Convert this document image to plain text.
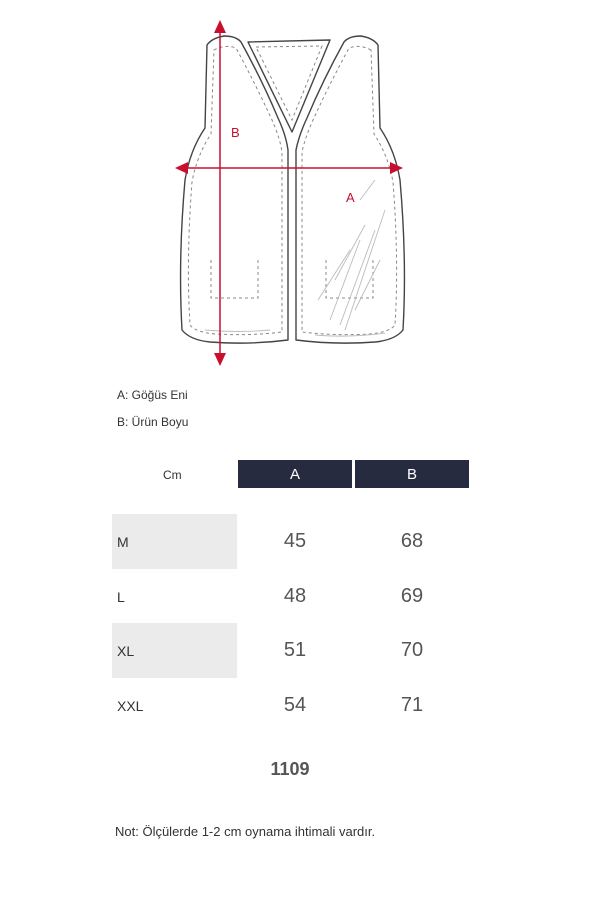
B
A
A: Göğüs Eni
B: Ürün Boyu
Cm	A	B
M	45	68
L	48	69
XL	51	70
XXL	54	71
1109
Not: Ölçülerde 1-2 cm oynama ihtimali vardır.
